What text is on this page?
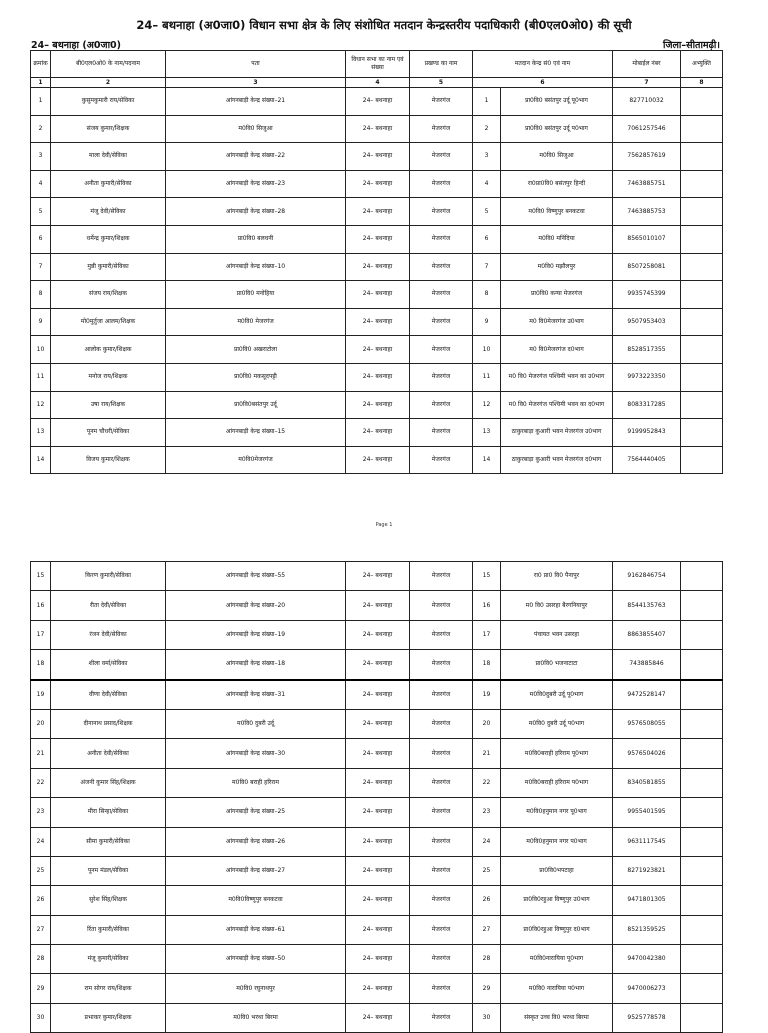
24– बथनाहा (अ0जा0) विधान सभा क्षेत्र के लिए संशोधित मतदान केन्द्रस्तरीय पदाधिकारी (बी0एल0ओ0) की सूची
24– बथनाहा (अ0जा0)	जिला–सीतामढ़ी।
क्रमांक	बी0एल0ओ0 के नाम/पदनाम	पता	विधान सभा का नाम एवं संख्या	प्रखण्ड का नाम	मतदान केन्द्र सं0 एवं नाम		मोबाईल नंबर	अभ्युक्ति
1	2	3	4	5	6		7	8
1	कुसुमकुमारी राय/सेविका	आंगनबाड़ी केन्द्र संख्या–21	24– बथनाहा	मेजरगंज	1	प्रा0वि0 बसंतपुर उर्दू पू0भाग	827710032	
2	संजय कुमार/शिक्षक	म0वि0 सिजुआ	24– बथनाहा	मेजरगंज	2	प्रा0वि0 बसंतपुर उर्दू प0भाग	7061257546	
3	माला देवी/सेविका	आंगनबाड़ी केन्द्र संख्या–22	24– बथनाहा	मेजरगंज	3	म0वि0 सिजुआ	7562857619	
4	अनीता कुमारी/सेविका	आंगनबाड़ी केन्द्र संख्या–23	24– बथनाहा	मेजरगंज	4	रा0प्रा0वि0 बसंतपुर हिन्दी	7463885751	
5	मंजू देवी/सेविका	आंगनबाड़ी केन्द्र संख्या–28	24– बथनाहा	मेजरगंज	5	म0वि0 विष्णुपुर बनकटवा	7463885753	
6	धर्मेन्द्र कुमार/शिक्षक	प्रा0वि0 बलधनी	24– बथनाहा	मेजरगंज	6	म0वि0 मनिंदिया	8565010107	
7	मुन्नी कुमारी/सेविका	आंगनबाड़ी केन्द्र संख्या–10	24– बथनाहा	मेजरगंज	7	म0वि0 मझौलपुर	8507258081	
8	संजय राय/शिक्षक	प्रा0वि0 मनोहिया	24– बथनाहा	मेजरगंज	8	प्रा0वि0 कन्या मेजरगंज	9935745399	
9	मो0मुर्तुजा आलम/शिक्षक	म0वि0 मेजरगंज	24– बथनाहा	मेजरगंज	9	म0 वि0मेजरगंज उ0भाग	9507953403	
10	आलोक कुमार/शिक्षक	प्रा0वि0 अखराटोला	24– बथनाहा	मेजरगंज	10	म0 वि0मेजरगंज द0भाग	8528517355	
11	मनोज राय/शिक्षक	प्रा0वि0 मकसूदपट्टी	24– बथनाहा	मेजरगंज	11	म0 वि0 मेजरगंज पश्चिमी भवन का उ0भाग	9973223350	
12	उषा राय/शिक्षक	प्रा0वि0बसंतपुर उर्दू	24– बथनाहा	मेजरगंज	12	म0 वि0 मेजरगंज पश्चिमी भवन का द0भाग	8083317285	
13	पूनम चौधरी/सेविका	आंगनबाड़ी केन्द्र संख्या–15	24– बथनाहा	मेजरगंज	13	ठाकुरबाड़ा कुआरी भवन मेजरगंज उ0भाग	9199952843	
14	विजय कुमार/शिक्षक	म0वि0मेजरगंज	24– बथनाहा	मेजरगंज	14	ठाकुरबाड़ा कुआरी भवन मेजरगंज द0भाग	7564440405	
Page 1
15	किरण कुमारी/सेविका	आंगनबाड़ी केन्द्र संख्या–55	24– बथनाहा	मेजरगंज	15	रा0 प्रा0 वि0 पैनापुर	9162846754	
16	रीता देवी/सेविका	आंगनबाड़ी केन्द्र संख्या–20	24– बथनाहा	मेजरगंज	16	म0 वि0 उसरहा बैरगनियापुर	8544135763	
17	रंजन देवी/सेविका	आंगनबाड़ी केन्द्र संख्या–19	24– बथनाहा	मेजरगंज	17	पंचायत भवन उसरहा	8863855407	
18	शीला वर्मा/सेविका	आंगनबाड़ी केन्द्र संख्या–18	24– बथनाहा	मेजरगंज	18	प्रा0वि0 भजनाटाटा	743885846	
19	वीणा देवी/सेविका	आंगनबाड़ी केन्द्र संख्या–31	24– बथनाहा	मेजरगंज	19	म0वि0दुबरी उर्दू पू0भाग	9472528147	
20	दीनानाथ प्रसाद/शिक्षक	म0वि0 दुबरी उर्दू	24– बथनाहा	मेजरगंज	20	म0वि0 दुबरी उर्दू प0भाग	9576508055	
21	अनीता देवी/सेविका	आंगनबाड़ी केन्द्र संख्या–30	24– बथनाहा	मेजरगंज	21	म0वि0बराही हरिराम पू0भाग	9576504026	
22	अंजनी कुमार सिंह/शिक्षक	म0वि0 बराही हरिराम	24– बथनाहा	मेजरगंज	22	म0वि0बराही हरिराम प0भाग	8340581855	
23	मीरा सिन्हा/सेविका	आंगनबाड़ी केन्द्र संख्या–25	24– बथनाहा	मेजरगंज	23	म0वि0हनुमान नगर पू0भाग	9955401595	
24	सीमा कुमारी/सेविका	आंगनबाड़ी केन्द्र संख्या–26	24– बथनाहा	मेजरगंज	24	म0वि0हनुमान नगर प0भाग	9631117545	
25	पूनम मंडल/सेविका	आंगनबाड़ी केन्द्र संख्या–27	24– बथनाहा	मेजरगंज	25	प्रा0वि0भपटाहा	8271923821	
26	सुरेश सिंह/शिक्षक	म0वि0विष्णुपुर बनकटवा	24– बथनाहा	मेजरगंज	26	प्रा0वि0रहुआ विष्णुपुर उ0भाग	9471801305	
27	रिंता कुमारी/सेविका	आंगनबाड़ी केन्द्र संख्या–61	24– बथनाहा	मेजरगंज	27	प्रा0वि0रहुआ विष्णुपुर द0भाग	8521359525	
28	मंजू कुमारी/सेविका	आंगनबाड़ी केन्द्र संख्या–50	24– बथनाहा	मेजरगंज	28	म0वि0नारायिया पू0भाग	9470042380	
29	राम सोगर राय/शिक्षक	म0वि0 रघुनाथपुर	24– बथनाहा	मेजरगंज	29	म0वि0 नारायिया प0भाग	9470006273	
30	प्रभाकर कुमार/शिक्षक	म0वि0 भरथा बिरमा	24– बथनाहा	मेजरगंज	30	संस्कृत उच्च वि0 भरथा बिरमा	9525778578	
